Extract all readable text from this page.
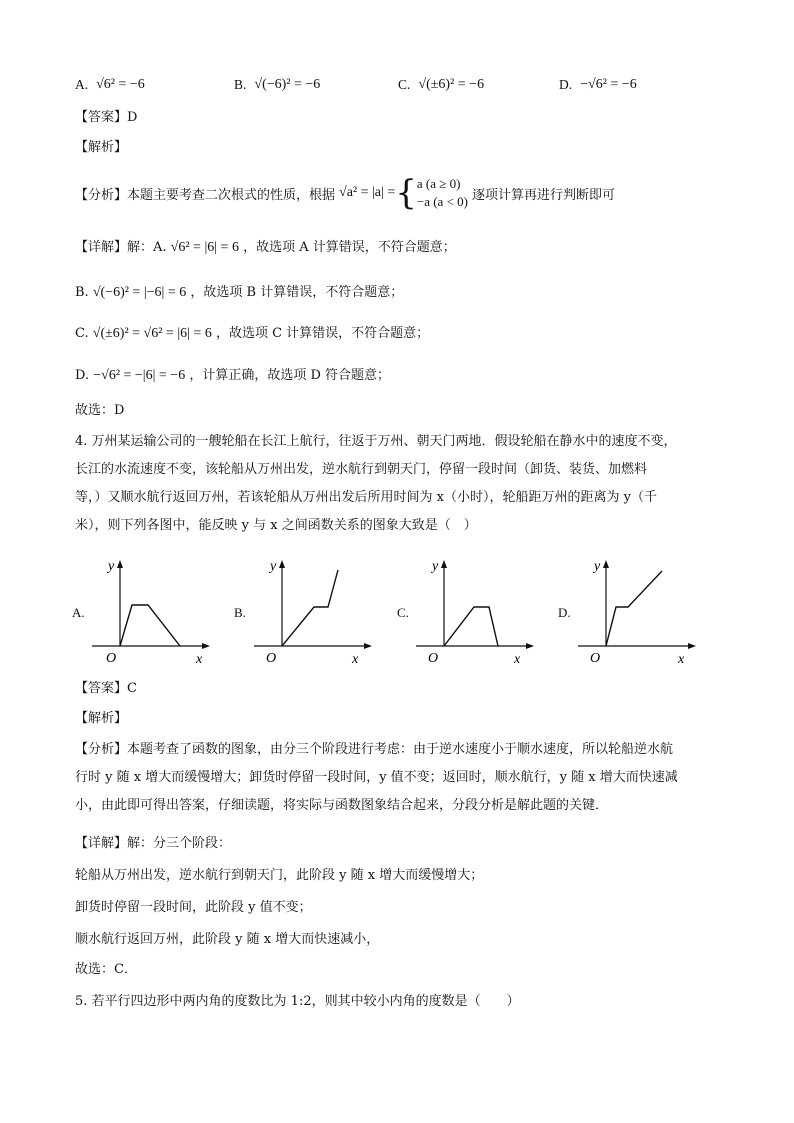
A. √6² = −6	B. √(−6)² = −6	C. √(±6)² = −6	D. −√6² = −6
【答案】D
【解析】
【分析】本题主要考查二次根式的性质，根据 √a² = |a| = { a (a ≥ 0)
−a (a < 0) 逐项计算再进行判断即可
【详解】解：A. √6² = |6| = 6 ，故选项 A 计算错误，不符合题意；
B. √(−6)² = |−6| = 6 ，故选项 B 计算错误，不符合题意；
C. √(±6)² = √6² = |6| = 6 ，故选项 C 计算错误，不符合题意；
D. −√6² = −|6| = −6 ，计算正确，故选项 D 符合题意；
故选：D
4. 万州某运输公司的一艘轮船在长江上航行，往返于万州、朝天门两地．假设轮船在静水中的速度不变，
长江的水流速度不变，该轮船从万州出发，逆水航行到朝天门，停留一段时间（卸货、装货、加燃料
等，）又顺水航行返回万州，若该轮船从万州出发后所用时间为 x（小时），轮船距万州的距离为 y（千
米），则下列各图中，能反映 y 与 x 之间函数关系的图象大致是（　）
A.
y
x
O
B.
y
x
O
C.
y
x
O
D.
y
x
O
【答案】C
【解析】
【分析】本题考查了函数的图象，由分三个阶段进行考虑：由于逆水速度小于顺水速度，所以轮船逆水航
行时 y 随 x 增大而缓慢增大；卸货时停留一段时间，y 值不变；返回时，顺水航行，y 随 x 增大而快速减
小，由此即可得出答案，仔细读题，将实际与函数图象结合起来，分段分析是解此题的关键．
【详解】解：分三个阶段：
轮船从万州出发，逆水航行到朝天门，此阶段 y 随 x 增大而缓慢增大；
卸货时停留一段时间，此阶段 y 值不变；
顺水航行返回万州，此阶段 y 随 x 增大而快速减小，
故选：C．
5. 若平行四边形中两内角的度数比为 1:2，则其中较小内角的度数是（　　）
